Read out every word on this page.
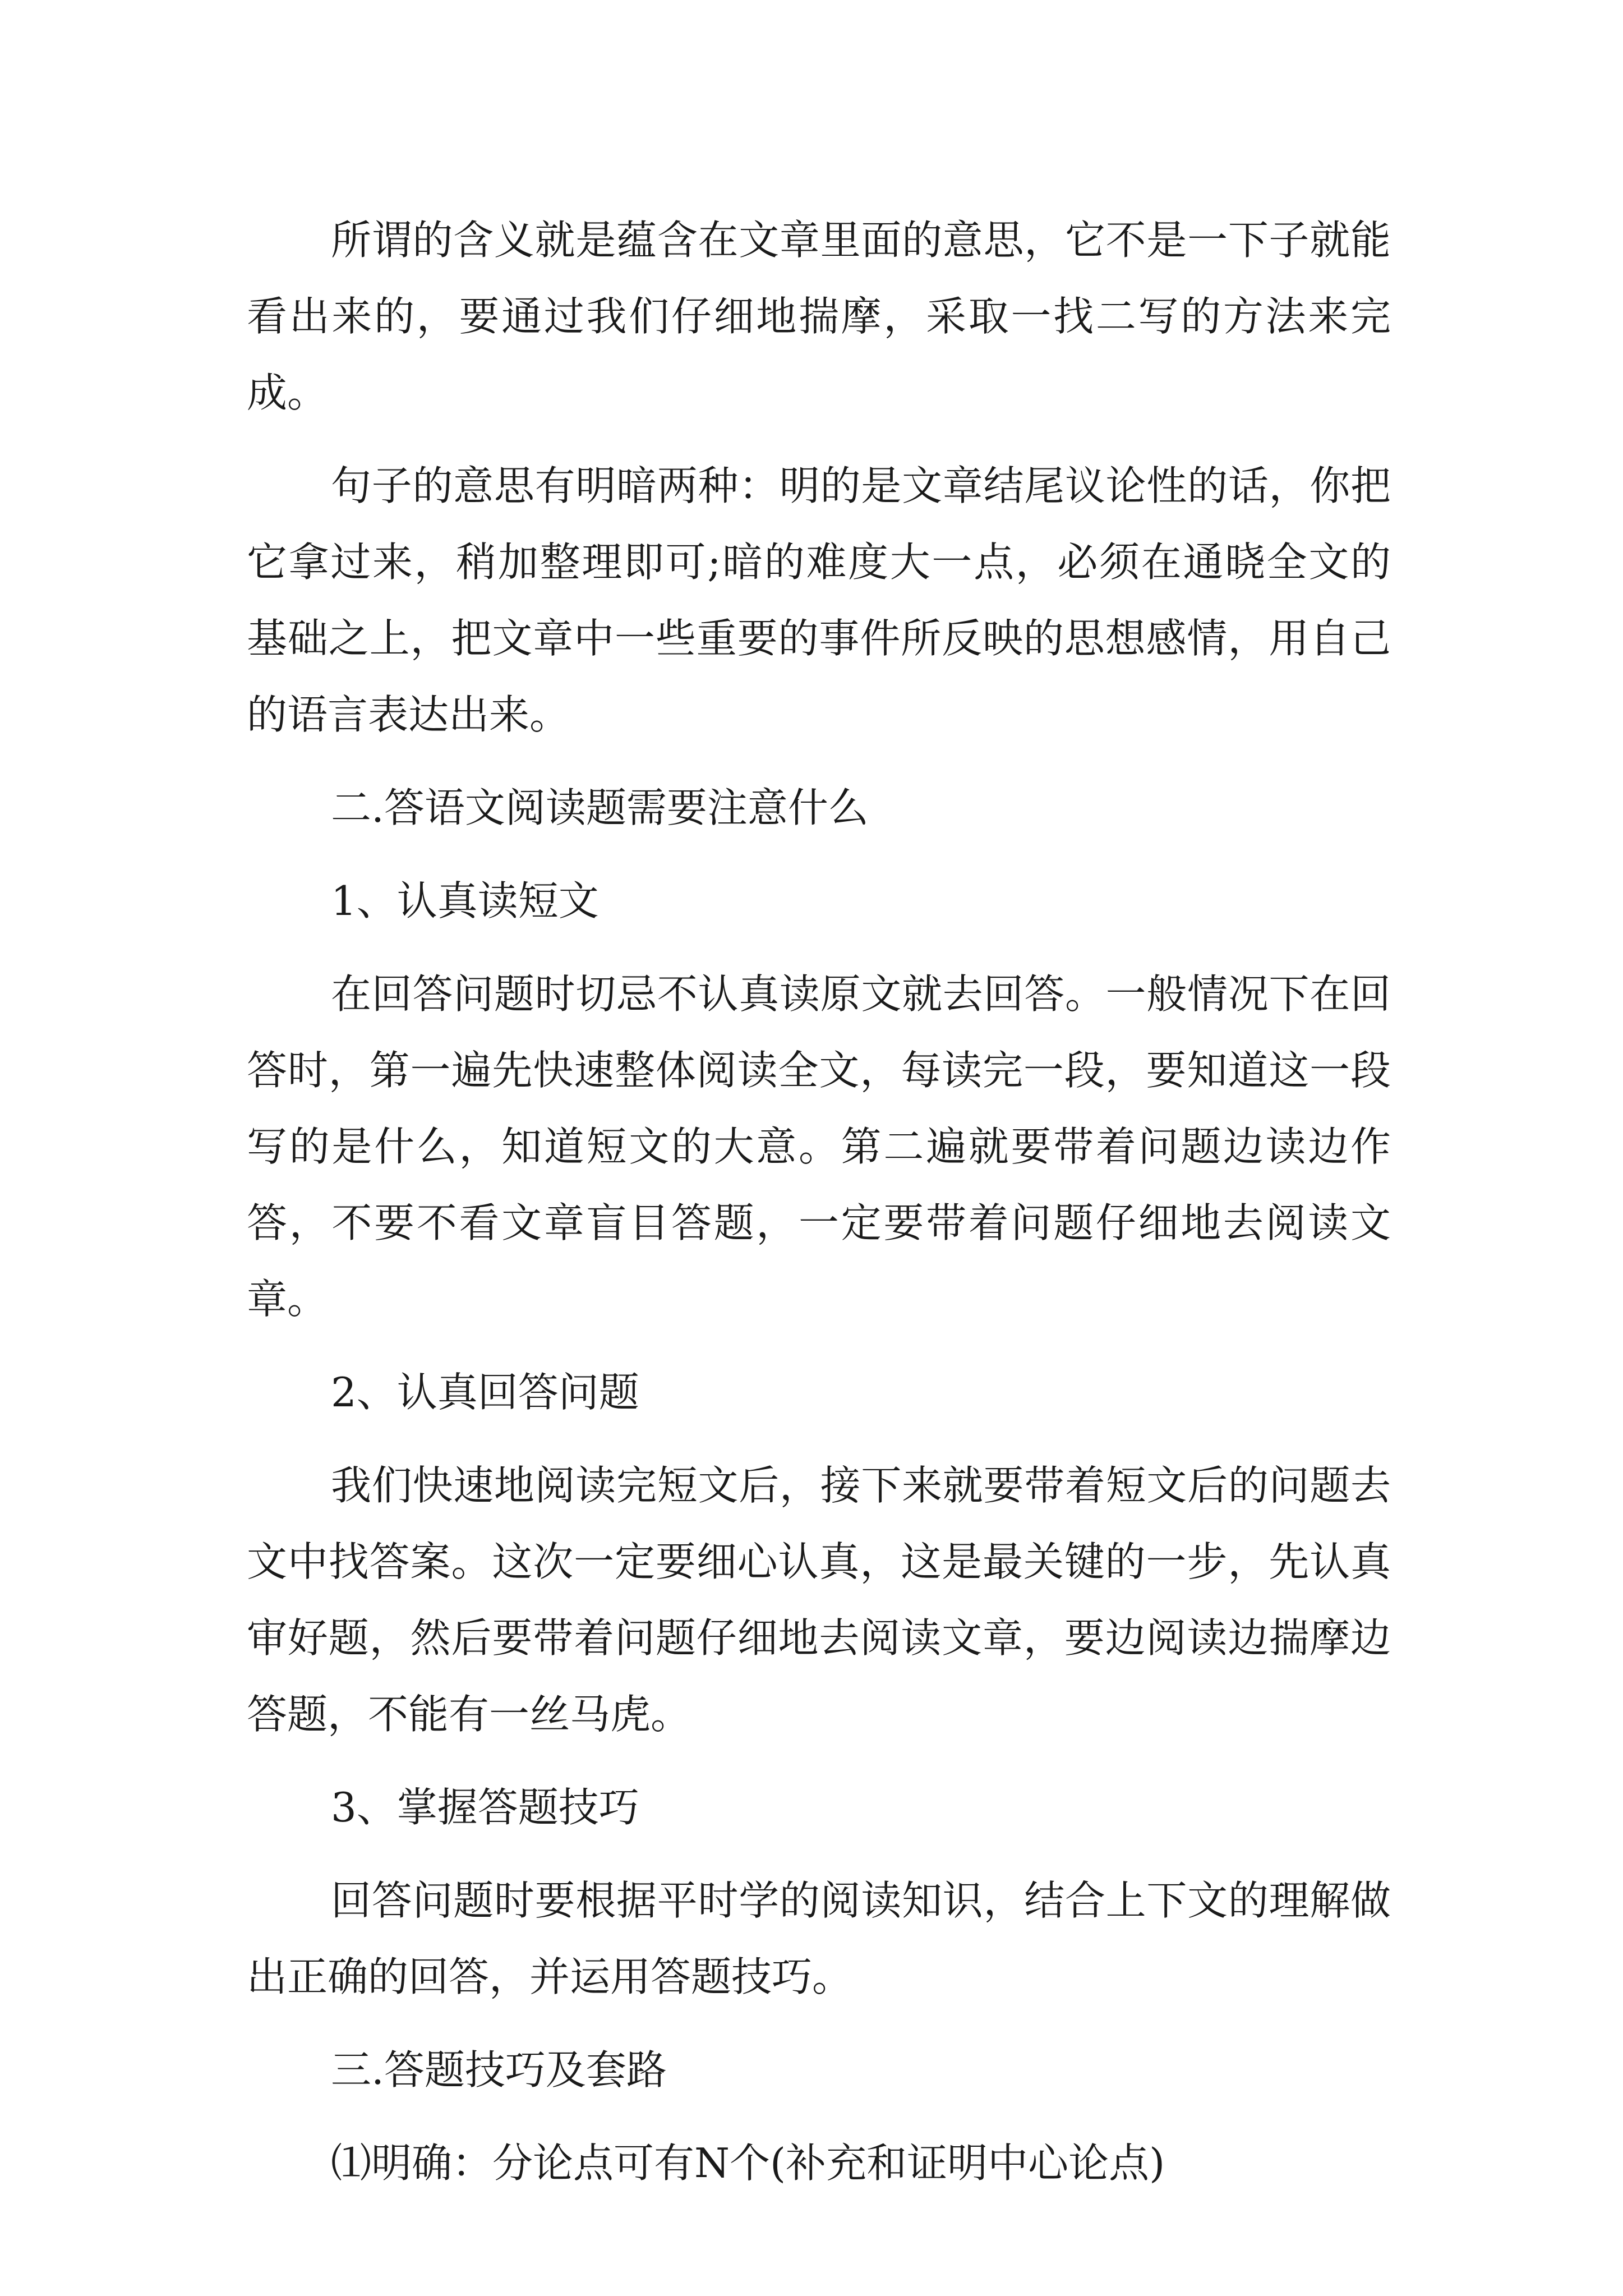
所谓的含义就是蕴含在文章里面的意思，它不是一下子就能看出来的，要通过我们仔细地揣摩，采取一找二写的方法来完成。

句子的意思有明暗两种：明的是文章结尾议论性的话，你把它拿过来，稍加整理即可;暗的难度大一点，必须在通晓全文的基础之上，把文章中一些重要的事件所反映的思想感情，用自己的语言表达出来。

二.答语文阅读题需要注意什么

1、认真读短文

在回答问题时切忌不认真读原文就去回答。一般情况下在回答时，第一遍先快速整体阅读全文，每读完一段，要知道这一段写的是什么，知道短文的大意。第二遍就要带着问题边读边作答，不要不看文章盲目答题，一定要带着问题仔细地去阅读文章。

2、认真回答问题

我们快速地阅读完短文后，接下来就要带着短文后的问题去文中找答案。这次一定要细心认真，这是最关键的一步，先认真审好题，然后要带着问题仔细地去阅读文章，要边阅读边揣摩边答题，不能有一丝马虎。

3、掌握答题技巧

回答问题时要根据平时学的阅读知识，结合上下文的理解做出正确的回答，并运用答题技巧。

三.答题技巧及套路

⑴明确：分论点可有N个(补充和证明中心论点)
